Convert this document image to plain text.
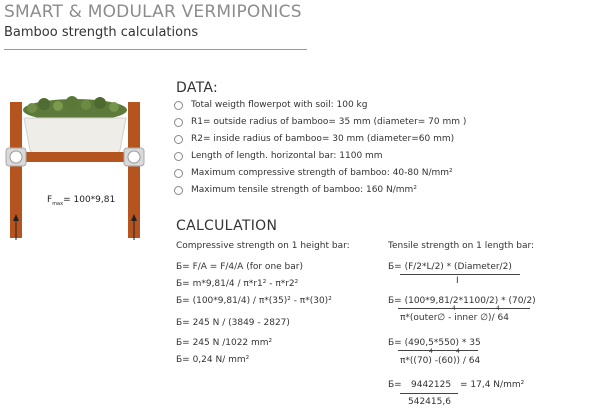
SMART & MODULAR VERMIPONICS
Bamboo strength calculations
$F_{max}= 100*9,81$
DATA:
Total weigth flowerpot with soil: 100 kg
R1= outside radius of bamboo= 35 mm (diameter= 70 mm )
R2= inside radius of bamboo= 30 mm (diameter=60 mm)
Length of length. horizontal bar: 1100 mm
Maximum compressive strength of bamboo: 40-80 N/mm²
Maximum tensile strength of bamboo: 160 N/mm²
CALCULATION
Compressive strength on 1 height bar:
Б= F/A = F/4/A (for one bar)
Б= m*9,81/4 / π*r1² - π*r2²
Б= (100*9,81/4) / π*(35)² - π*(30)²
Б= 245 N / (3849 - 2827)
Б= 245 N /1022 mm²
Б= 0,24 N/ mm²
Tensile strength on 1 length bar:
Б= (F/2*L/2) * (Diameter/2)
I
Б= (100*9,81/2*1100/2) * (70/2)
π*(outer∅ - inner ∅)/ 64
4	4
Б= (490,5*550) * 35
π*((70) -(60)) / 64
4	4
Б= 9442125 = 17,4 N/mm²
542415,6
